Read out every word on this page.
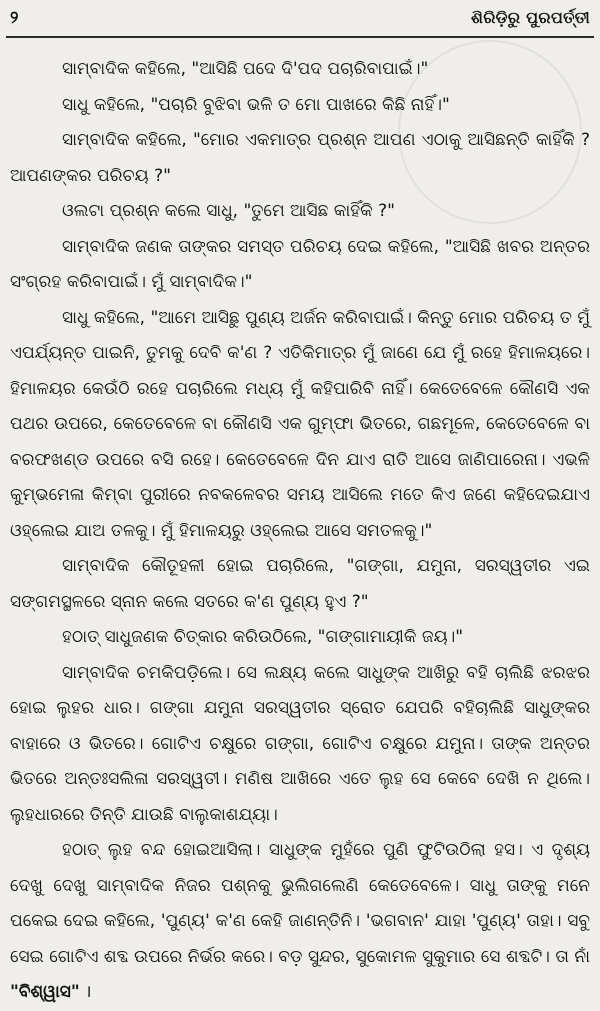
୨	ଶିରିଡ଼ିରୁ ପୁରପର୍ତ୍ତୀ

ସାମ୍ବାଦିକ କହିଲେ, "ଆସିଛି ପଦେ ଦି'ପଦ ପଚାରିବାପାଇଁ।"

ସାଧୁ କହିଲେ, "ପଚାରି ବୁଝିବା ଭଳି ତ ମୋ ପାଖରେ କିଛି ନାହିଁ।"

ସାମ୍ବାଦିକ କହିଲେ, "ମୋର ଏକମାତ୍ର ପ୍ରଶ୍ନ ଆପଣ ଏଠାକୁ ଆସିଛନ୍ତି କାହିଁକି ? ଆପଣଙ୍କର ପରିଚୟ ?"

ଓଲଟା ପ୍ରଶ୍ନ କଲେ ସାଧୁ, "ତୁମେ ଆସିଛ କାହିଁକି ?"

ସାମ୍ବାଦିକ ଜଣକ ତାଙ୍କର ସମସ୍ତ ପରିଚୟ ଦେଇ କହିଲେ, "ଆସିଛି ଖବର ଅନ୍ତର ସଂଗ୍ରହ କରିବାପାଇଁ। ମୁଁ ସାମ୍ବାଦିକ।"

ସାଧୁ କହିଲେ, "ଆମେ ଆସିଛୁ ପୁଣ୍ୟ ଅର୍ଜନ କରିବାପାଇଁ। କିନ୍ତୁ ମୋର ପରିଚୟ ତ ମୁଁ ଏପର୍ଯ୍ୟନ୍ତ ପାଇନି, ତୁମକୁ ଦେବି କ'ଣ ? ଏତିକିମାତ୍ର ମୁଁ ଜାଣେ ଯେ ମୁଁ ରହେ ହିମାଳୟରେ। ହିମାଳୟର କେଉଁଠି ରହେ ପଚାରିଲେ ମଧ୍ୟ ମୁଁ କହିପାରିବି ନାହିଁ। କେତେବେଳେ କୌଣସି ଏକ ପଥର ଉପରେ, କେତେବେଳେ ବା କୌଣସି ଏକ ଗୁମ୍ଫା ଭିତରେ, ଗଛମୂଳେ, କେତେବେଳେ ବା ବରଫଖଣ୍ଡ ଉପରେ ବସି ରହେ। କେତେବେଳେ ଦିନ ଯାଏ ରାତି ଆସେ ଜାଣିପାରେନା। ଏଭଳି କୁମ୍ଭମେଳା କିମ୍ବା ପୁରୀରେ ନବକଳେବର ସମୟ ଆସିଲେ ମତେ କିଏ ଜଣେ କହିଦେଇଯାଏ ଓହ୍ଲେଇ ଯାଅ ତଳକୁ। ମୁଁ ହିମାଳୟରୁ ଓହ୍ଲେଇ ଆସେ ସମତଳକୁ।"

ସାମ୍ବାଦିକ କୌତୂହଳୀ ହୋଇ ପଚାରିଲେ, "ଗଙ୍ଗା, ଯମୁନା, ସରସ୍ୱତୀର ଏଇ ସଙ୍ଗମସ୍ଥଳରେ ସ୍ନାନ କଲେ ସତରେ କ'ଣ ପୁଣ୍ୟ ହୁଏ ?"

ହଠାତ୍ ସାଧୁଜଣକ ଚିତ୍କାର କରିଉଠିଲେ, "ଗଙ୍ଗାମାୟୀକି ଜୟ।"

ସାମ୍ବାଦିକ ଚମକିପଡ଼ିଲେ। ସେ ଲକ୍ଷ୍ୟ କଲେ ସାଧୁଙ୍କ ଆଖିରୁ ବହି ଚାଲିଛି ଝରଝର ହୋଇ ଲୁହର ଧାର। ଗଙ୍ଗା ଯମୁନା ସରସ୍ୱତୀର ସ୍ରୋତ ଯେପରି ବହିଚାଲିଛି ସାଧୁଙ୍କର ବାହାରେ ଓ ଭିତରେ। ଗୋଟିଏ ଚକ୍ଷୁରେ ଗଙ୍ଗା, ଗୋଟିଏ ଚକ୍ଷୁରେ ଯମୁନା। ତାଙ୍କ ଅନ୍ତର ଭିତରେ ଅନ୍ତଃସଲିଳା ସରସ୍ୱତୀ। ମଣିଷ ଆଖିରେ ଏତେ ଲୁହ ସେ କେବେ ଦେଖି ନ ଥିଲେ। ଲୁହଧାରରେ ତିନ୍ତି ଯାଉଛି ବାଲୁକାଶଯ୍ୟା।

ହଠାତ୍ ଲୁହ ବନ୍ଦ ହୋଇଆସିଲା। ସାଧୁଙ୍କ ମୁହଁରେ ପୁଣି ଫୁଟିଉଠିଲା ହସ। ଏ ଦୃଶ୍ୟ ଦେଖୁ ଦେଖୁ ସାମ୍ବାଦିକ ନିଜର ପଶ୍ନକୁ ଭୁଲିଗଲେଣି କେତେବେଳେ। ସାଧୁ ତାଙ୍କୁ ମନେ ପକେଇ ଦେଇ କହିଲେ, 'ପୁଣ୍ୟ' କ'ଣ କେହି ଜାଣନ୍ତିନି। 'ଭଗବାନ' ଯାହା 'ପୁଣ୍ୟ' ତାହା। ସବୁ ସେଇ ଗୋଟିଏ ଶବ୍ଦ ଉପରେ ନିର୍ଭର କରେ। ବଡ଼ ସୁନ୍ଦର, ସୁକୋମଳ ସୁକୁମାର ସେ ଶବ୍ଦଟି। ତା ନାଁ "ବିଶ୍ୱାସ" ।
